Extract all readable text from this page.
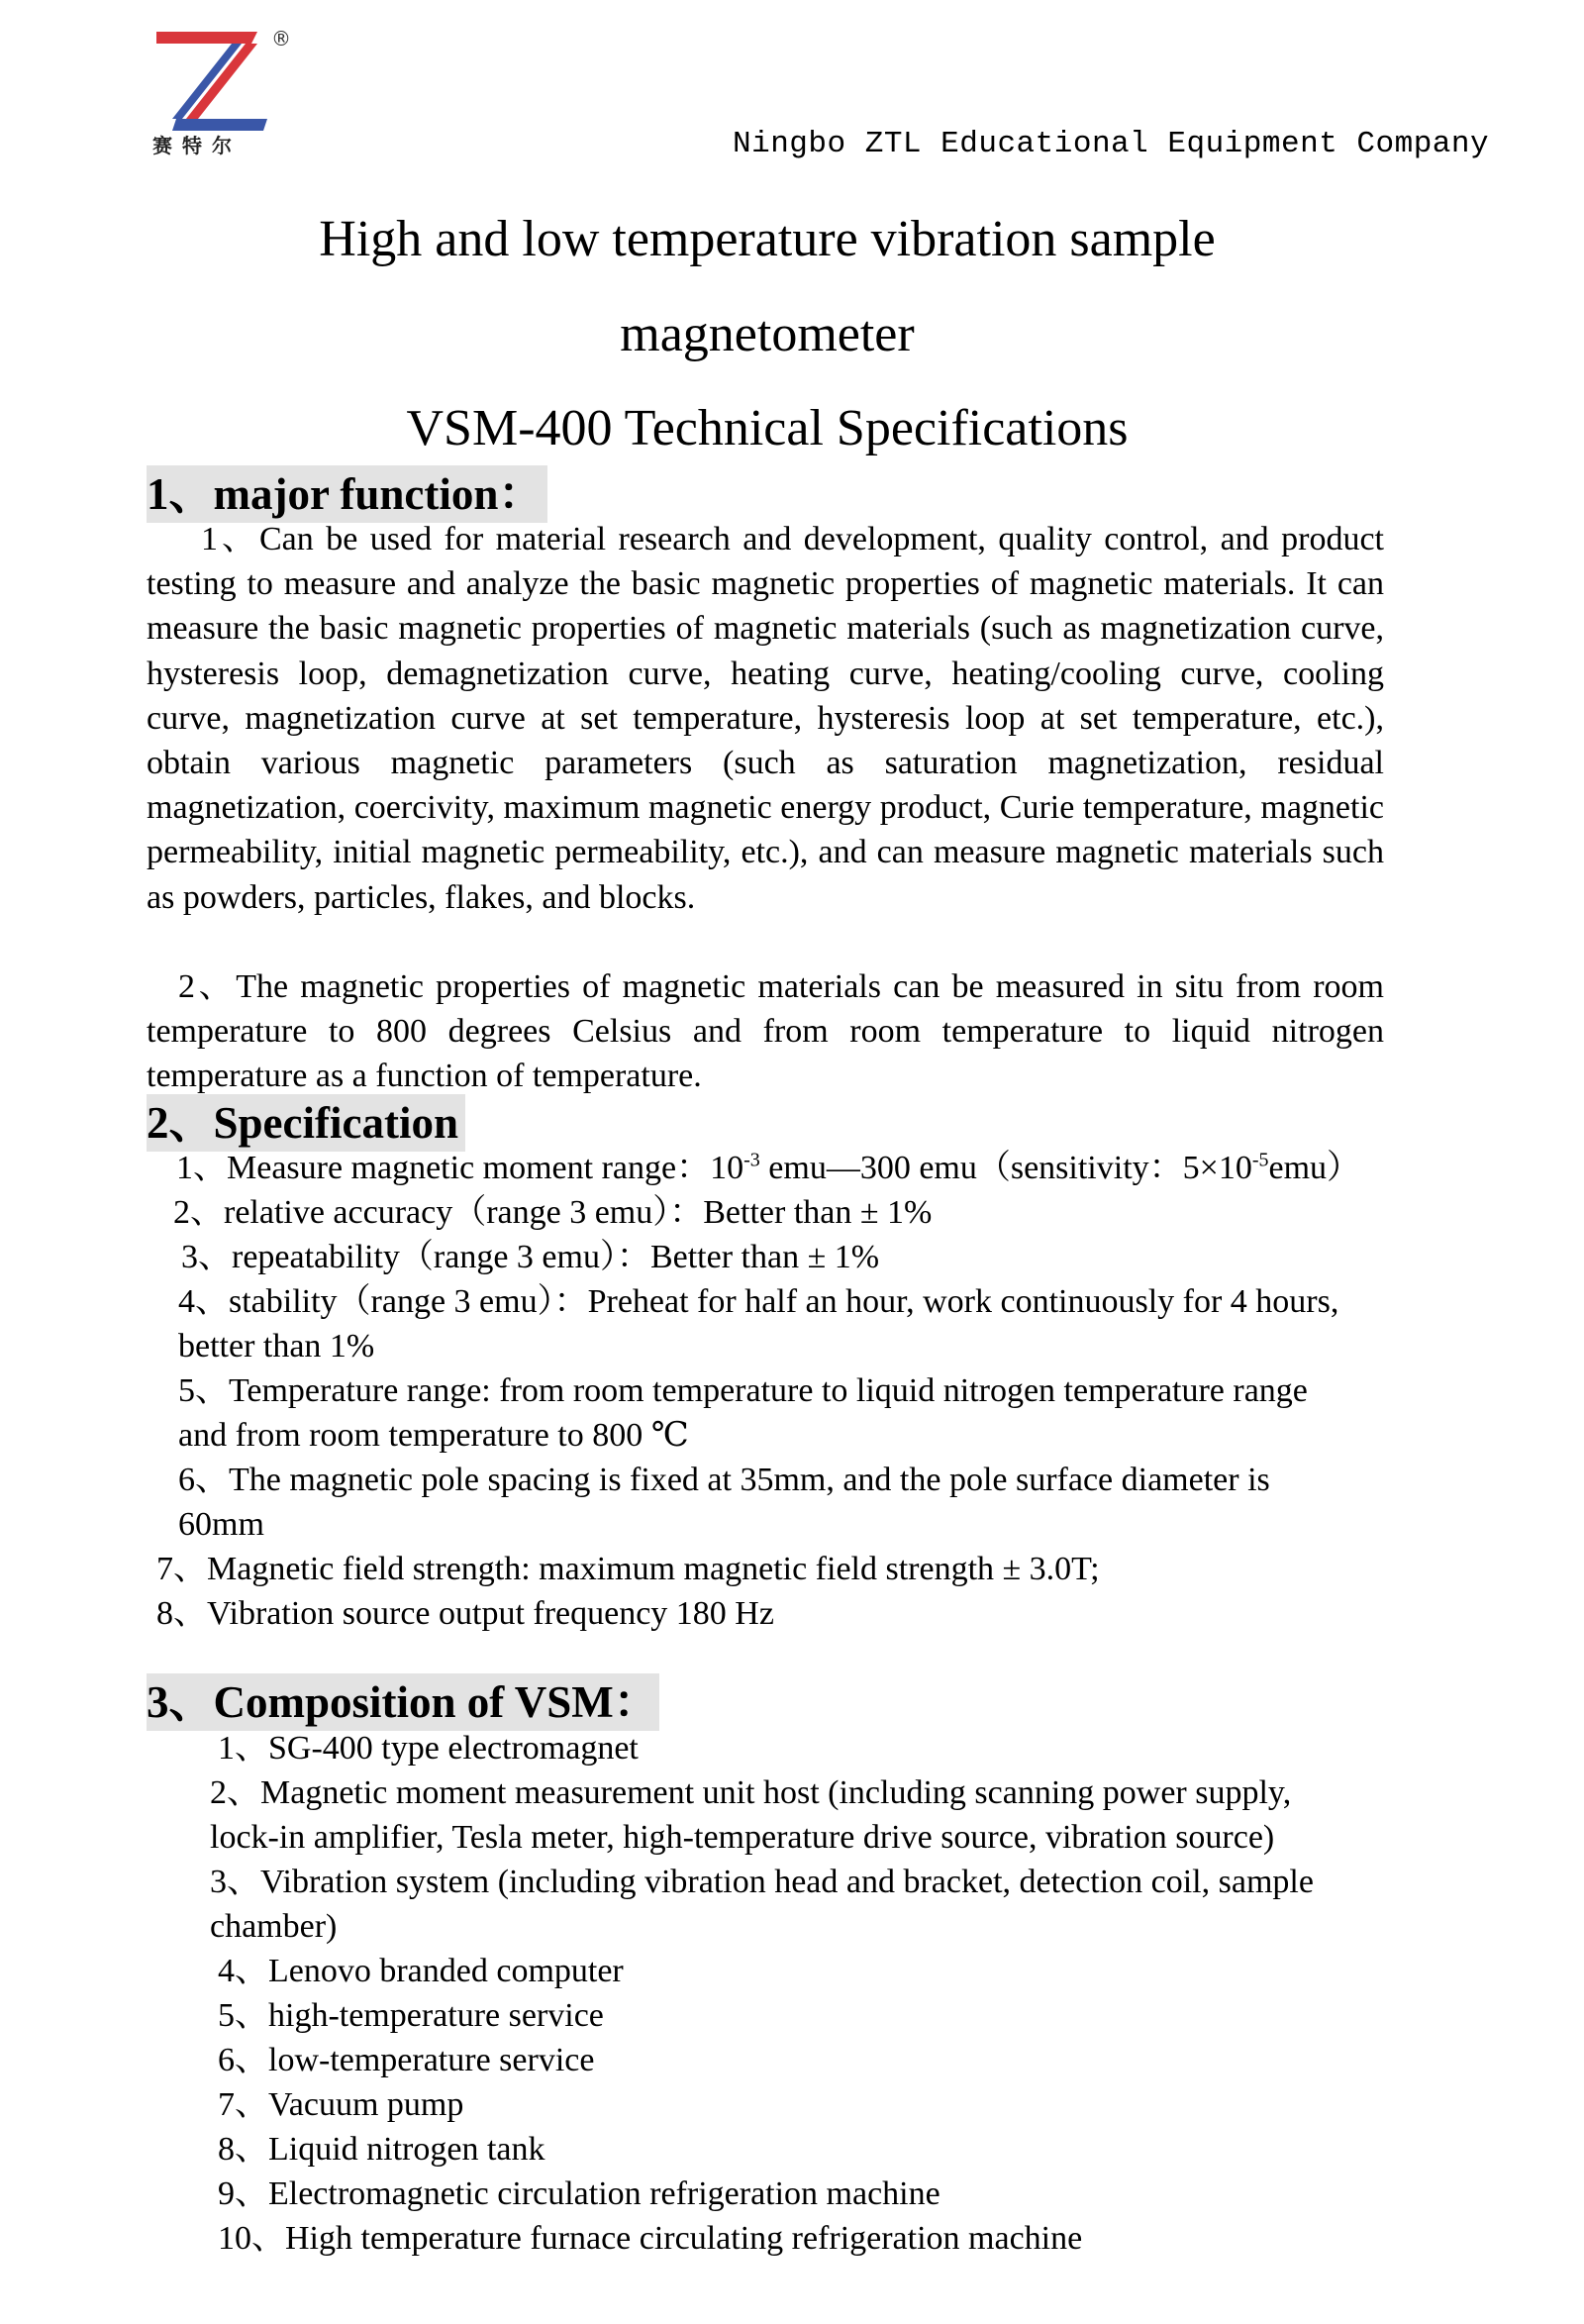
®
赛特尔	Ningbo ZTL Educational Equipment Company
High and low temperature vibration sample
magnetometer
VSM-400 Technical Specifications
1、major function：

1、Can be used for material research and development, quality control, and product testing to measure and analyze the basic magnetic properties of magnetic materials. It can measure the basic magnetic properties of magnetic materials (such as magnetization curve, hysteresis loop, demagnetization curve, heating curve, heating/cooling curve, cooling curve, magnetization curve at set temperature, hysteresis loop at set temperature, etc.), obtain various magnetic parameters (such as saturation magnetization, residual magnetization, coercivity, maximum magnetic energy product, Curie temperature, magnetic permeability, initial magnetic permeability, etc.), and can measure magnetic materials such as powders, particles, flakes, and blocks.

2、The magnetic properties of magnetic materials can be measured in situ from room temperature to 800 degrees Celsius and from room temperature to liquid nitrogen temperature as a function of temperature.

2、Specification
1、Measure magnetic moment range：$10^{-3}$ emu—300 emu（sensitivity：$5\times 10^{-5}emu$）
2、relative accuracy（range 3 emu）：Better than ± 1%
3、repeatability（range 3 emu）：Better than ± 1%
4、stability（range 3 emu）：Preheat for half an hour, work continuously for 4 hours,
better than 1%
5、Temperature range: from room temperature to liquid nitrogen temperature range
and from room temperature to 800 ℃
6、The magnetic pole spacing is fixed at 35mm, and the pole surface diameter is
60mm
7、Magnetic field strength: maximum magnetic field strength ± 3.0T;
8、Vibration source output frequency 180 Hz
3、Composition of VSM：
1、SG-400 type electromagnet
2、Magnetic moment measurement unit host (including scanning power supply,
lock-in amplifier, Tesla meter, high-temperature drive source, vibration source)
3、Vibration system (including vibration head and bracket, detection coil, sample
chamber)
4、Lenovo branded computer
5、high-temperature service
6、low-temperature service
7、Vacuum pump
8、Liquid nitrogen tank
9、Electromagnetic circulation refrigeration machine
10、High temperature furnace circulating refrigeration machine
